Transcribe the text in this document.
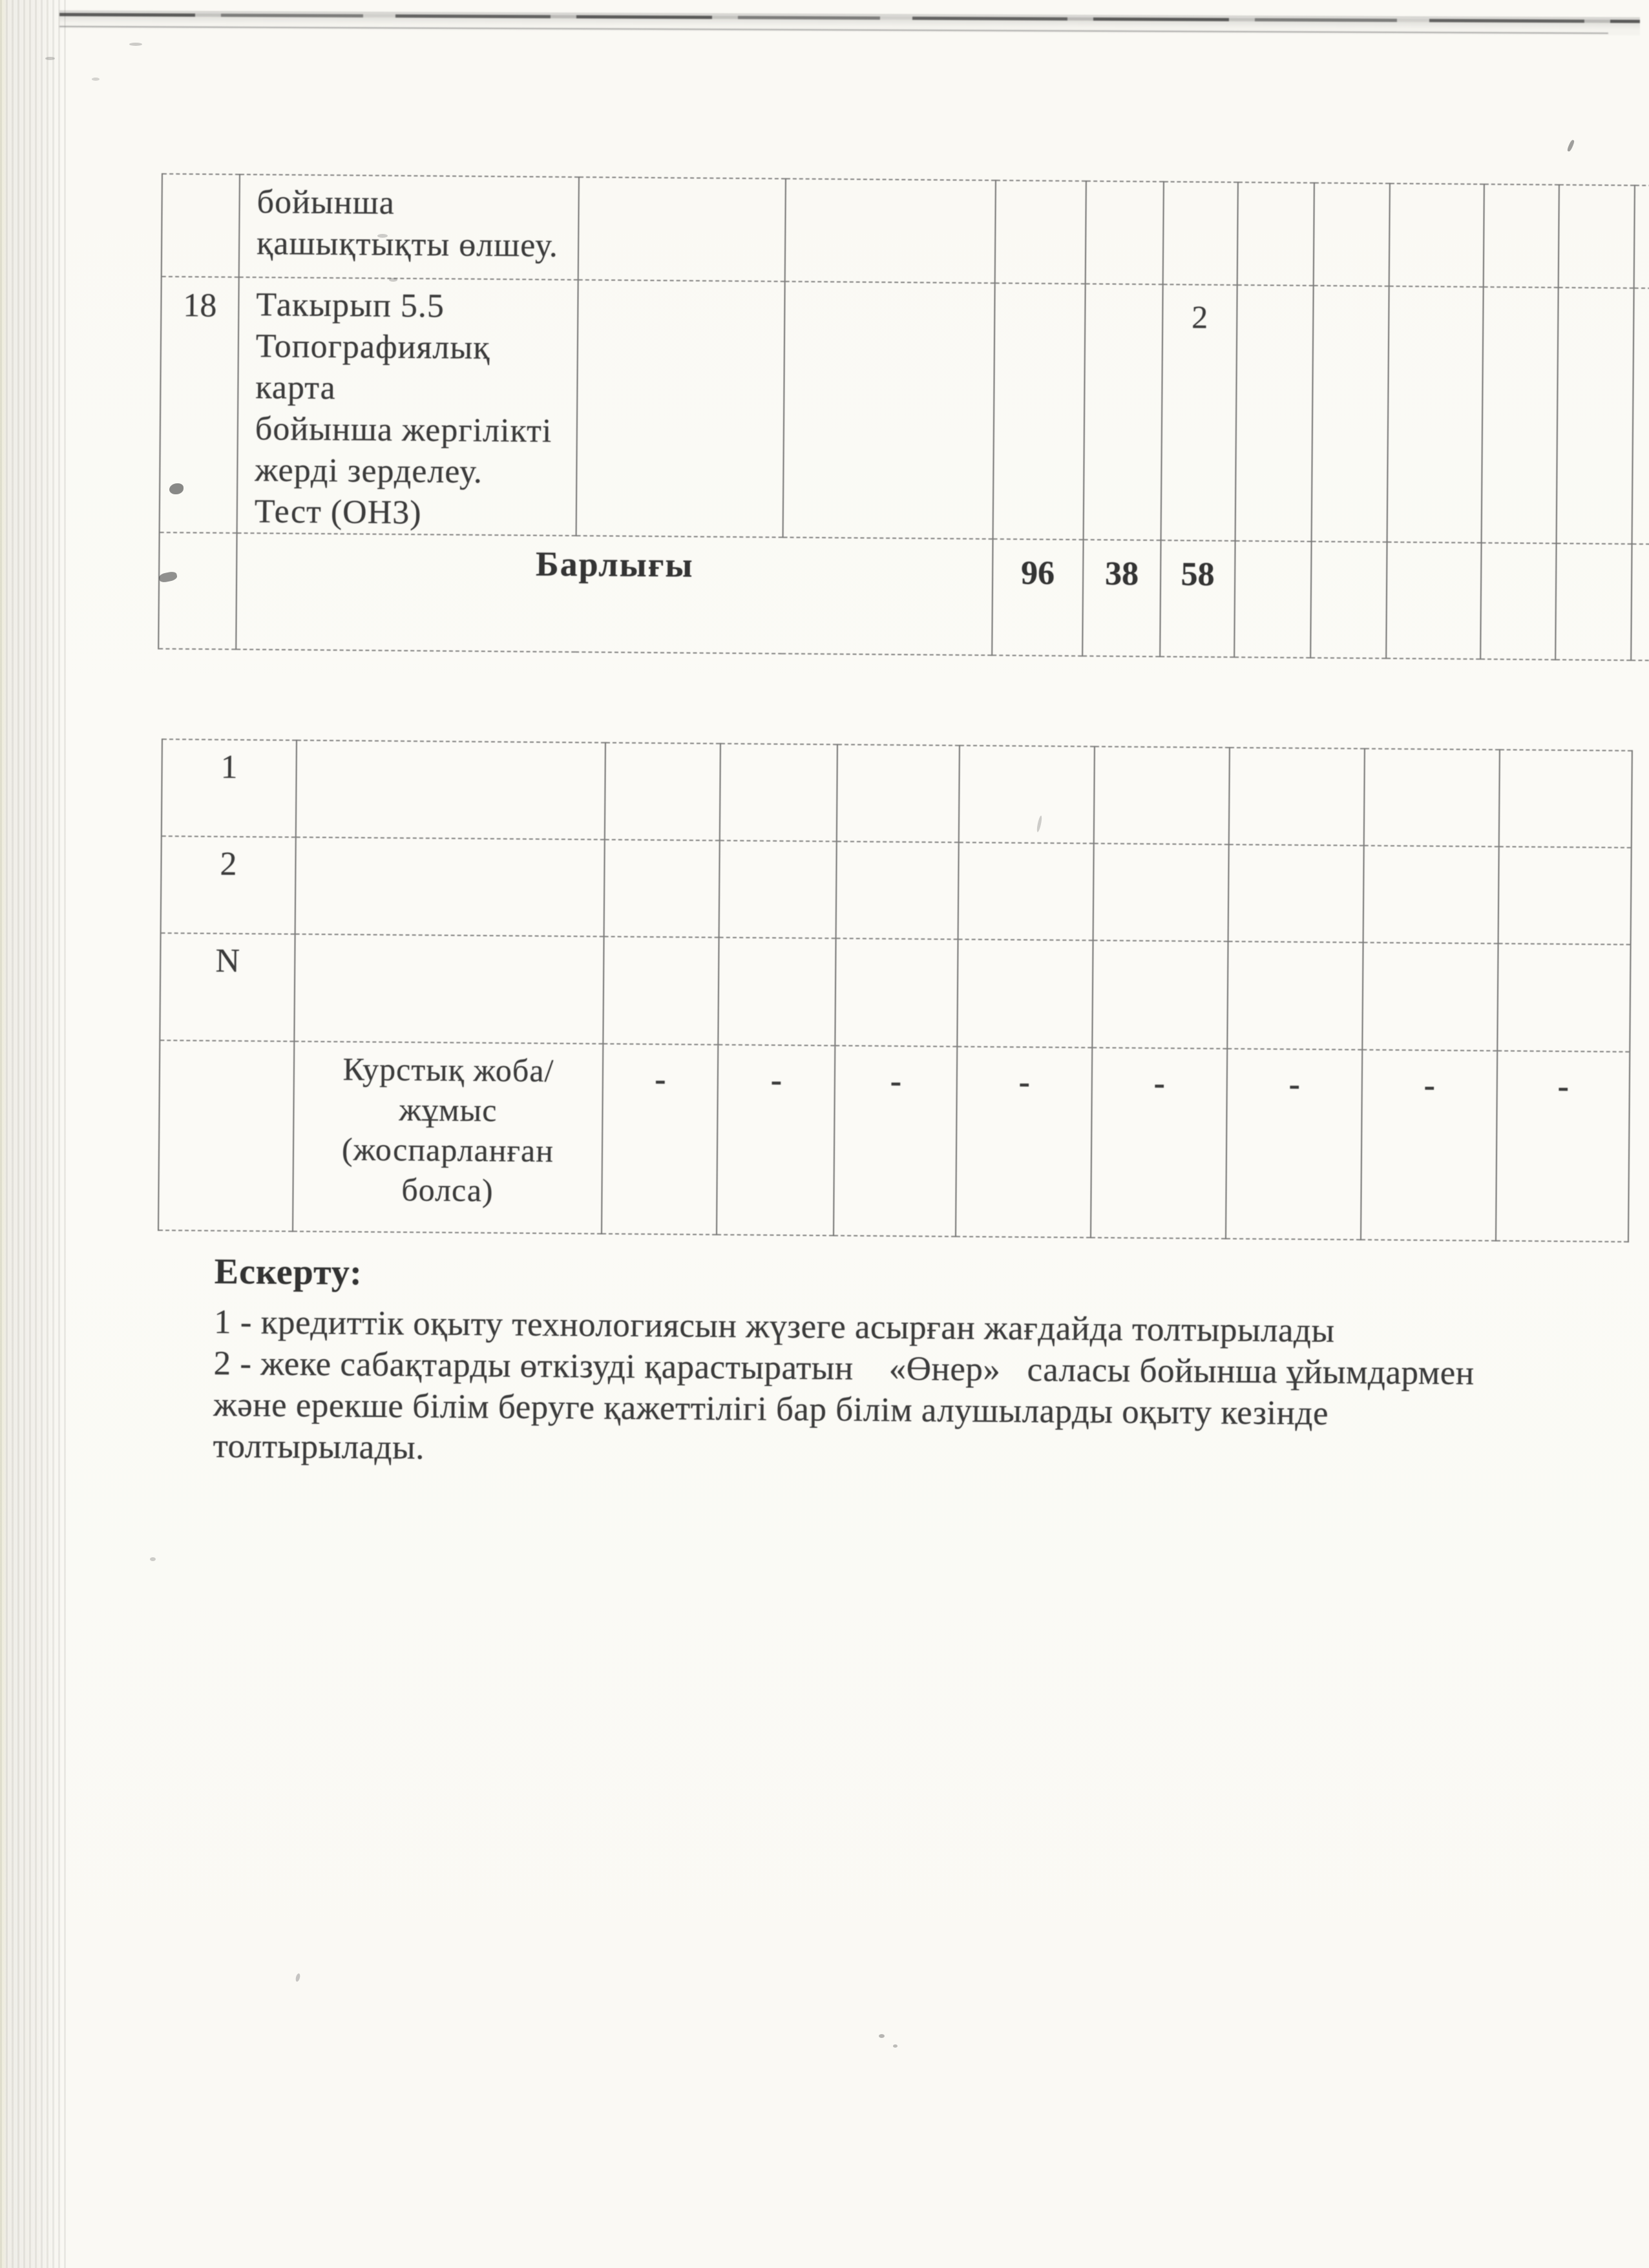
	бойынша
қашықтықты өлшеу.											

18	Такырып 5.5
Топографиялық карта
бойынша жергілікті
жерді зерделеу.
Тест (ОН3)					2						
	Барлығы			96	38	58						
1									
2									
N									

	Курстық жоба/
жұмыс
(жоспарланған
болса)	-	-	-	-	-	-	-	-
Ескерту:
1 - кредиттік оқыту технологиясын жүзеге асырған жағдайда толтырылады
2 - жеке сабақтарды өткізуді қарастыратын    «Өнер»   саласы бойынша ұйымдармен
және ерекше білім беруге қажеттілігі бар білім алушыларды оқыту кезінде
толтырылады.
